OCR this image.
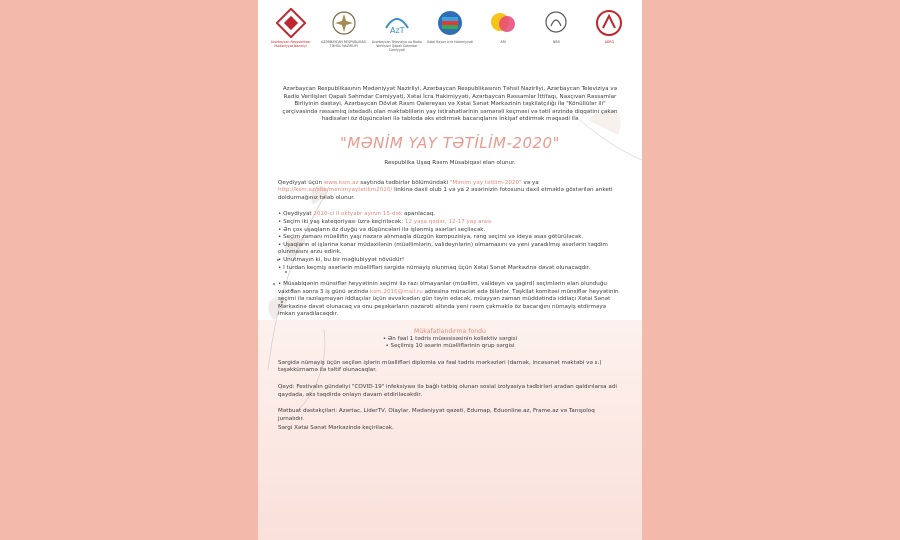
Azərbaycan Respublikası Mədəniyyət Nazirliyi
AZƏRBAYCAN RESPUBLİKASI TƏHSİL NAZİRLİYİ
AzT
Azərbaycan Televiziya və Radio Verilişləri Qapalı Səhmdar Cəmiyyəti
Xətai Rayon İcra Hakimiyyəti	ARİ	NRB	ADRQ

Azərbaycan Respublikasının Mədəniyyət Nazirliyi, Azərbaycan Respublikasının Təhsil Nazirliyi, Azərbaycan Televiziya və Radio Verilişləri Qapalı Səhmdar Cəmiyyəti, Xətai İcra Hakimiyyəti, Azərbaycan Rəssamlar İttifaqı, Naxçıvan Rəssamlar Birliyinin dəstəyi, Azərbaycan Dövlət Rəsm Qalereyası və Xətai Sənət Mərkəzinin təşkilatçılığı ilə "Könüllülər ili" çərçivəsində rəssamlıq istedadlı olan məktəblilərin yay istirahətlərinin səmərəli keçməsi və tətil ərzində diqqətini çəkən hadisələri öz düşüncələri ilə tabloda əks etdirmək bacarıqlarını inkişaf etdirmək məqsədi ilə

"MƏNİM YAY TƏTİLİM-2020"

Respublika Uşaq Rəsm Müsabiqəsi elan olunur.

Qeydiyyat üçün www.ksm.az saytında tədbirlər bölümündəki "Mənim yay tətilim-2020" və ya http://ksm.az/site/menimyaytetilim2020/ linkinə daxil olub 1 və ya 2 əsərinizin fotosunu daxil etməklə göstərilən anketi doldurmağınız tələb olunur.

• Qeydiyyat 2020-ci il oktyabr ayının 15-dək aparılacaq.

• Seçim iki yaş kateqoriyası üzrə keçiriləcək: 12 yaşa qədər, 12-17 yaş arası

• Ən çox uşaqların öz duyğu və düşüncələri ilə işlənmiş əsərləri seçiləcək.

• Seçim zamanı müəllifin yaşı nəzərə alınmaqla düzgün kompozisiya, rəng seçimi və ideya əsas götürüləcək.

• Uşaqların əl işlərinə kənar müdaxilənin (müəllimlərin, valideynlərin) olmamasını və yeni yaradılmış əsərlərin təqdim olunmasını arzu edirik.

• Unutmayın ki, bu bir məğlubiyyət növüdür!

• I turdan keçmiş əsərlərin müəllifləri sərgidə nümayiş olunmaq üçün Xətai Sənət Mərkəzinə dəvət olunacaqdır.

• Müsabiqənin münsiflər heyyətinin seçimi ilə razı olmayanlar (müəllim, valideyn və şagird) seçimlərin elan olunduğu vaxtdan sonra 3 iş günü ərzində ksm.2016@mail.ru adresinə müraciət edə bilərlər. Təşkilat komitəsi münsiflər heyyətinin seçimi ilə razılaşmayan iddiaçılar üçün əvvəlcədən gün təyin edəcək, müəyyən zaman müddətində iddiaçı Xətai Sənət Mərkəzinə dəvət olunacaq və onu peşəkarların nəzarəti altında yeni rəsm çəkməklə öz bacarığını nümayiş etdirməyə imkan yaradılacaqdır.

Mükafatlandırma fondu

• Ən fəal 1 tədris müəssisəsinin kollektiv sərgisi

• Seçilmiş 10 əsərin müəlliflərinin qrup sərgisi

Sərgidə nümayiş üçün seçilən işlərin müəllifləri diplomla və fəal tədris mərkəzləri (darnək, incəsənət məktəbi və s.) təşəkkürnamə ilə təltif olunacaqlar.

Qeyd: Festivalın gündəliyi "COVID-19" infeksiyası ilə bağlı tətbiq olunan sosial izolyasiya tədbirləri aradan qaldırılarsa adi qaydada, əks təqdirdə onlayn davam etdiriləcəkdir.

Mətbuat dəstəkçiləri: Azərtac, LiderTV, Olaylar, Mədəniyyət qəzeti, Edumap, Eduonline.az, Frame.az və Tanışoloq jurnalıdır.

Sərgi Xətai Sənət Mərkəzində keçiriləcək.
